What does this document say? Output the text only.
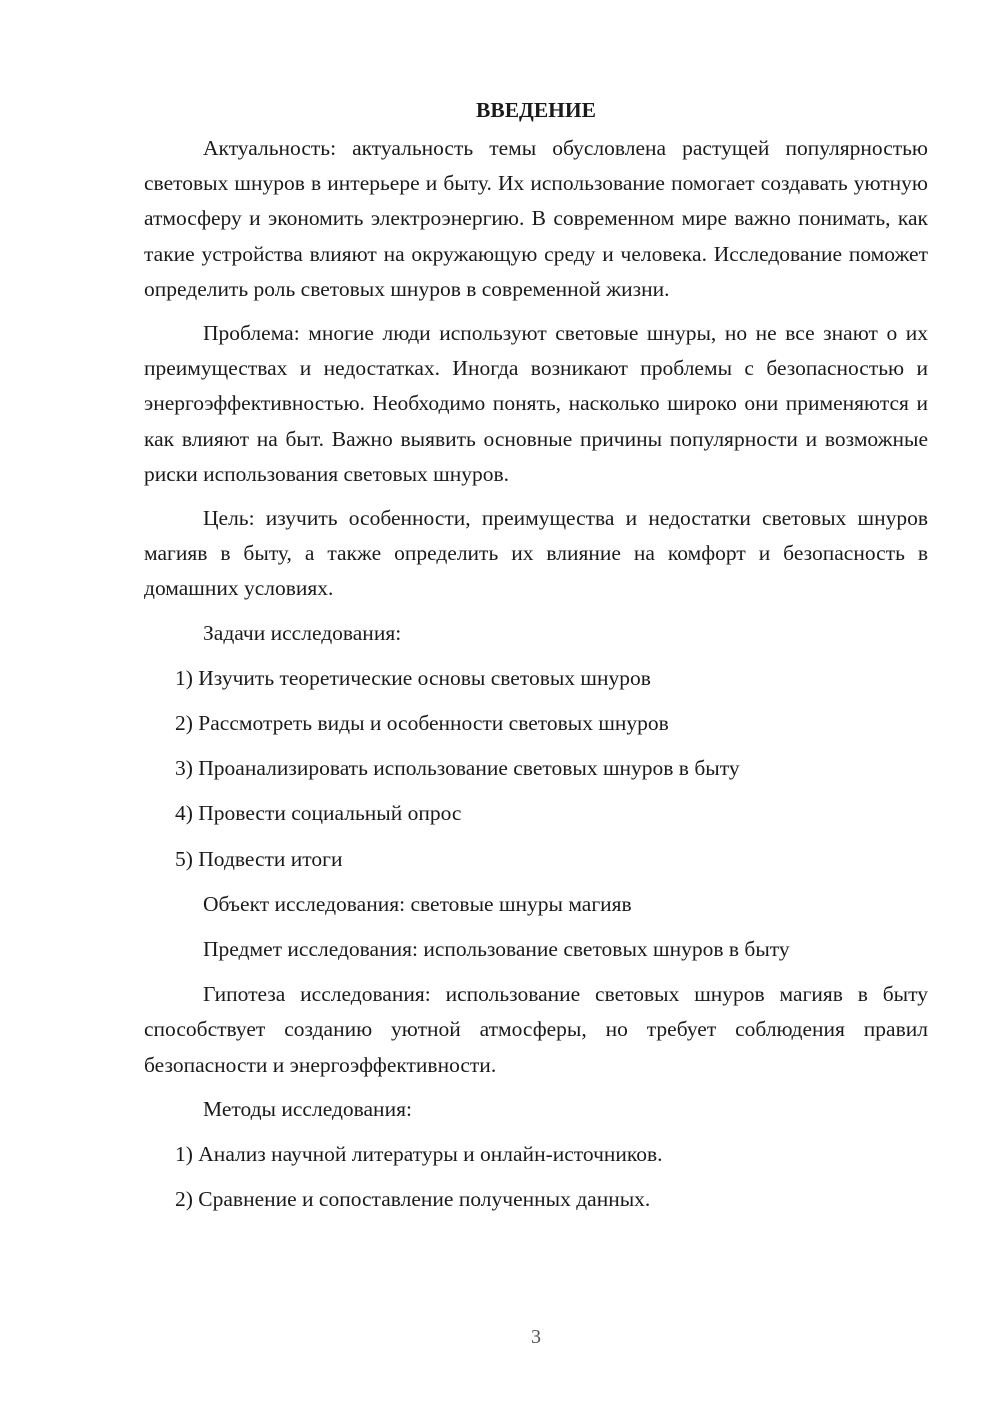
ВВЕДЕНИЕ
Актуальность: актуальность темы обусловлена растущей популярностью световых шнуров в интерьере и быту. Их использование помогает создавать уютную атмосферу и экономить электроэнергию. В современном мире важно понимать, как такие устройства влияют на окружающую среду и человека. Исследование поможет определить роль световых шнуров в современной жизни.
Проблема: многие люди используют световые шнуры, но не все знают о их преимуществах и недостатках. Иногда возникают проблемы с безопасностью и энергоэффективностью. Необходимо понять, насколько широко они применяются и как влияют на быт. Важно выявить основные причины популярности и возможные риски использования световых шнуров.
Цель: изучить особенности, преимущества и недостатки световых шнуров магияв в быту, а также определить их влияние на комфорт и безопасность в домашних условиях.
Задачи исследования:
1) Изучить теоретические основы световых шнуров
2) Рассмотреть виды и особенности световых шнуров
3) Проанализировать использование световых шнуров в быту
4) Провести социальный опрос
5) Подвести итоги
Объект исследования: световые шнуры магияв
Предмет исследования: использование световых шнуров в быту
Гипотеза исследования: использование световых шнуров магияв в быту способствует созданию уютной атмосферы, но требует соблюдения правил безопасности и энергоэффективности.
Методы исследования:
1) Анализ научной литературы и онлайн-источников.
2) Сравнение и сопоставление полученных данных.
3
